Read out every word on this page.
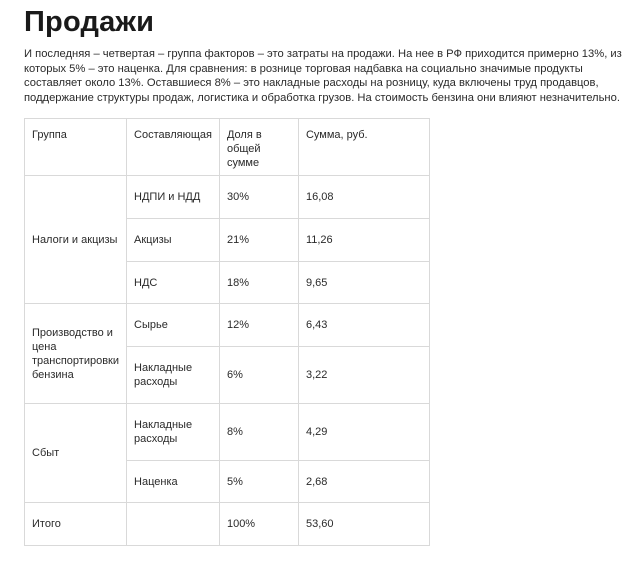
Продажи

И последняя – четвертая – группа факторов – это затраты на продажи. На нее в РФ приходится примерно 13%, из которых 5% – это наценка. Для сравнения: в рознице торговая надбавка на социально значимые продукты составляет около 13%. Оставшиеся 8% – это накладные расходы на розницу, куда включены труд продавцов, поддержание структуры продаж, логистика и обработка грузов. На стоимость бензина они влияют незначительно.

Группа	Составляющая	Доля в общей сумме	Сумма, руб.
Налоги и акцизы	НДПИ и НДД	30%	16,08
	Акцизы	21%	11,26
	НДС	18%	9,65
Производство и цена транспортировки бензина	Сырье	12%	6,43
	Накладные расходы	6%	3,22
Сбыт	Накладные расходы	8%	4,29
	Наценка	5%	2,68
Итого		100%	53,60
